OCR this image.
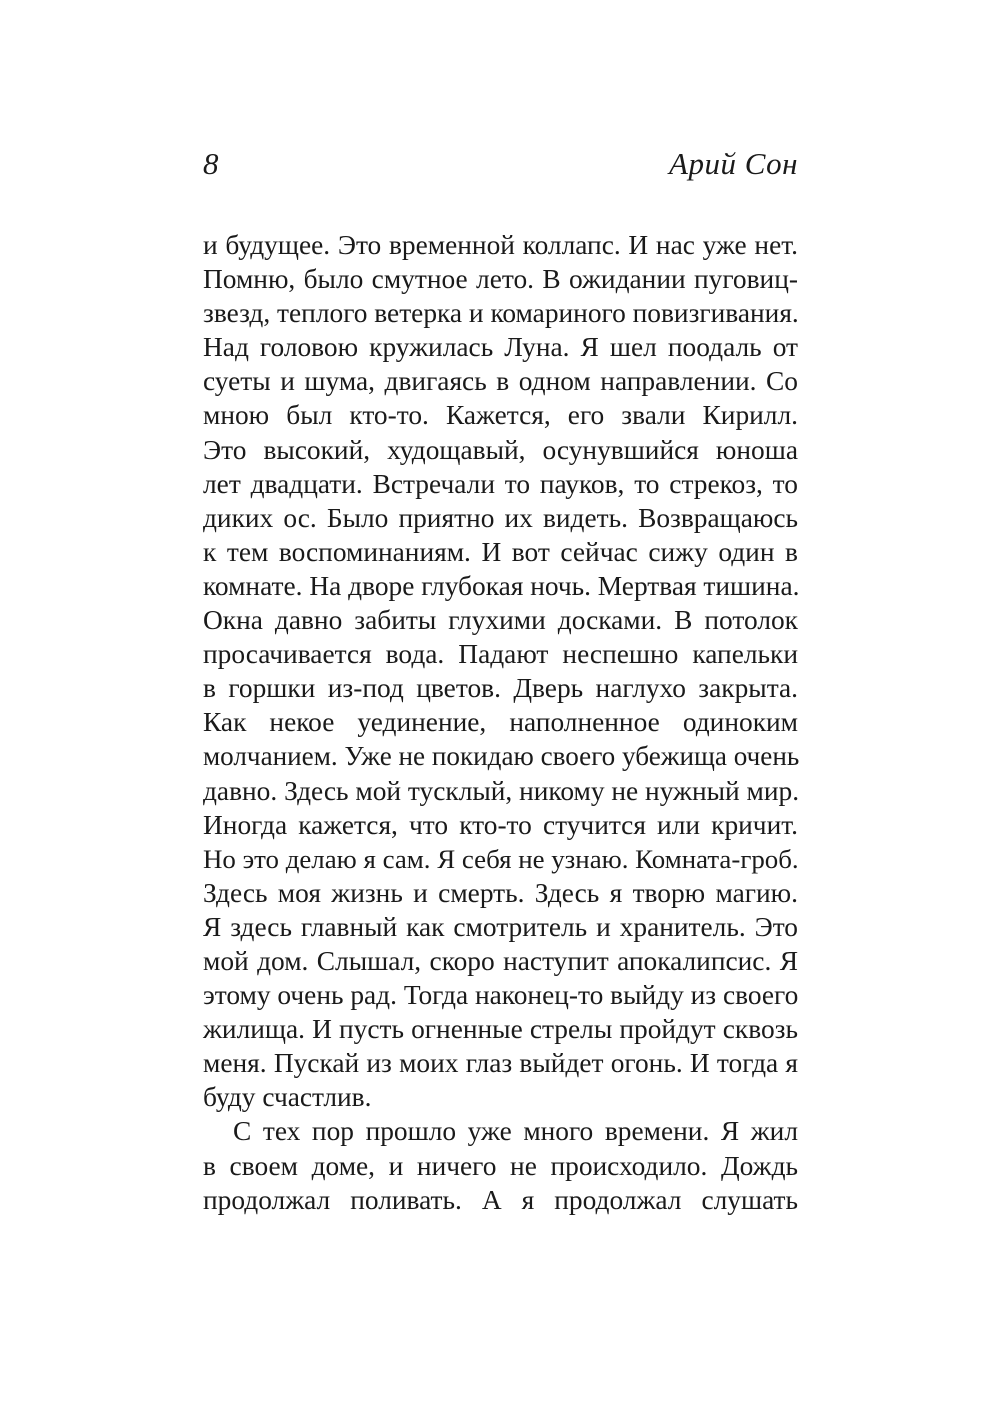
8	Арий Сон
и будущее. Это временной коллапс. И нас уже нет.
Помню, было смутное лето. В ожидании пуговиц-
звезд, теплого ветерка и комариного повизгивания.
Над головою кружилась Луна. Я шел поодаль от
суеты и шума, двигаясь в одном направлении. Со
мною был кто-то. Кажется, его звали Кирилл.
Это высокий, худощавый, осунувшийся юноша
лет двадцати. Встречали то пауков, то стрекоз, то
диких ос. Было приятно их видеть. Возвращаюсь
к тем воспоминаниям. И вот сейчас сижу один в
комнате. На дворе глубокая ночь. Мертвая тишина.
Окна давно забиты глухими досками. В потолок
просачивается вода. Падают неспешно капельки
в горшки из-под цветов. Дверь наглухо закрыта.
Как некое уединение, наполненное одиноким
молчанием. Уже не покидаю своего убежища очень
давно. Здесь мой тусклый, никому не нужный мир.
Иногда кажется, что кто-то стучится или кричит.
Но это делаю я сам. Я себя не узнаю. Комната-гроб.
Здесь моя жизнь и смерть. Здесь я творю магию.
Я здесь главный как смотритель и хранитель. Это
мой дом. Слышал, скоро наступит апокалипсис. Я
этому очень рад. Тогда наконец-то выйду из своего
жилища. И пусть огненные стрелы пройдут сквозь
меня. Пускай из моих глаз выйдет огонь. И тогда я
буду счастлив.
С тех пор прошло уже много времени. Я жил
в своем доме, и ничего не происходило. Дождь
продолжал поливать. А я продолжал слушать
